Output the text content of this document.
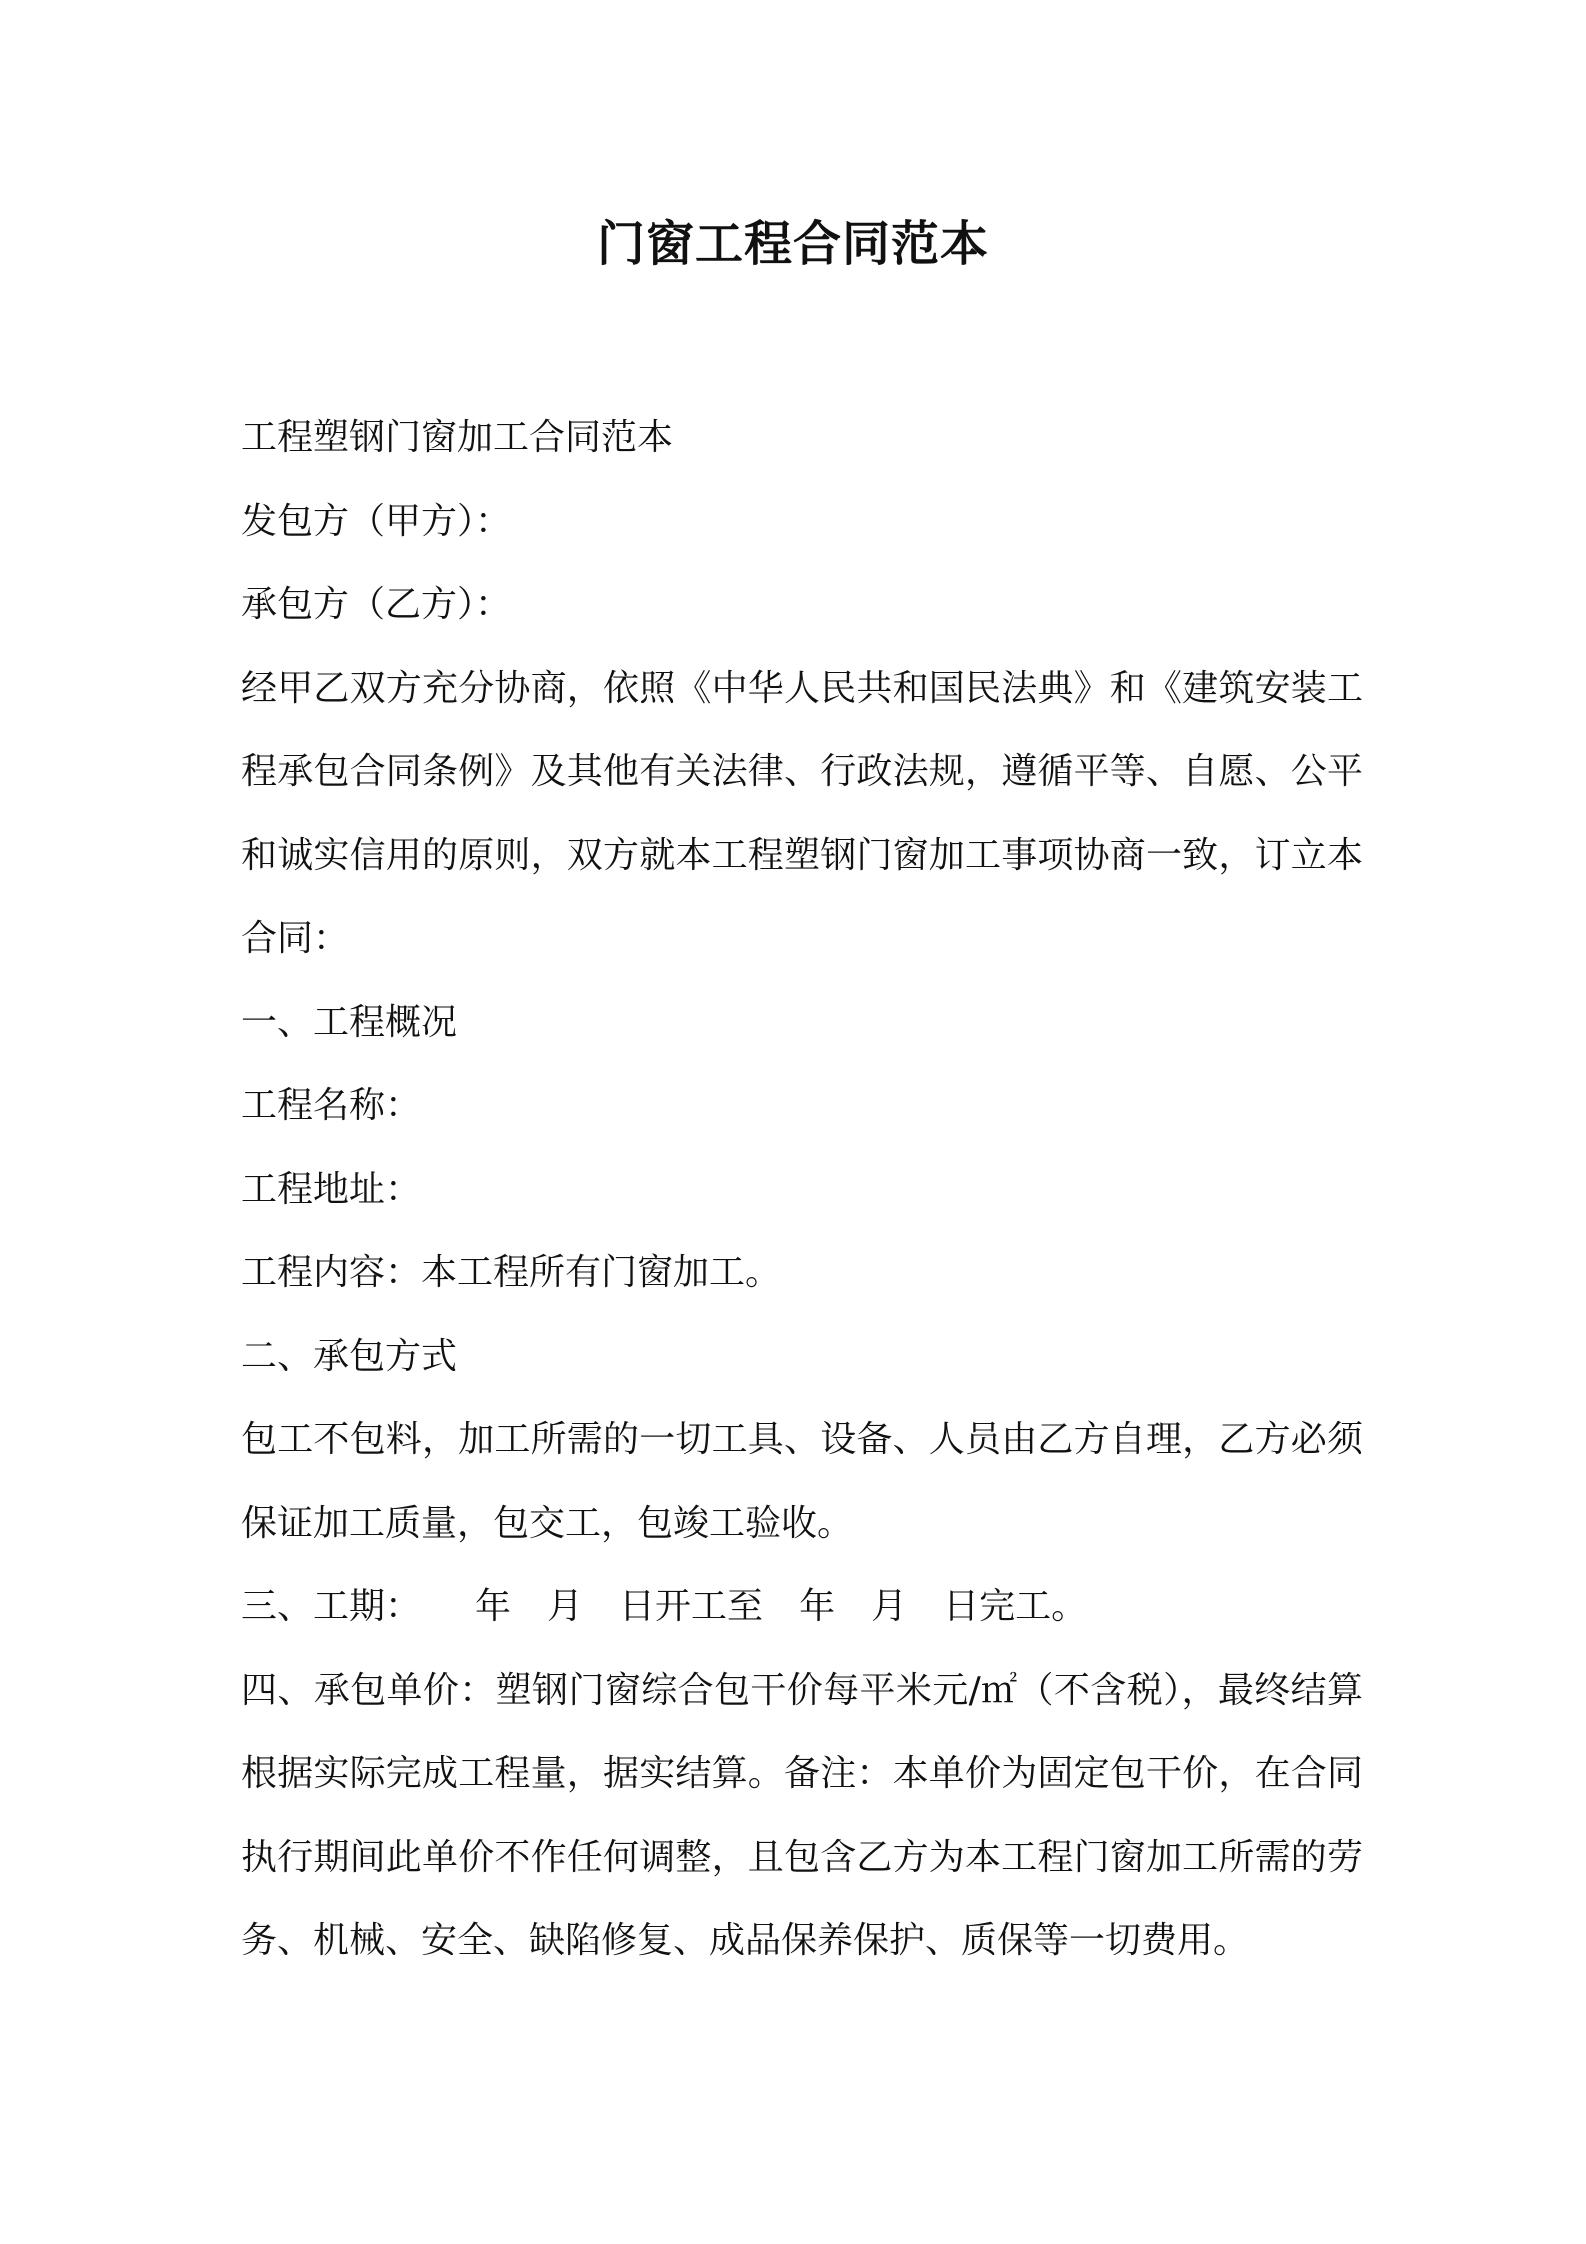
门窗工程合同范本

工程塑钢门窗加工合同范本

发包方（甲方）：

承包方（乙方）：

经甲乙双方充分协商，依照《中华人民共和国民法典》和《建筑安装工程承包合同条例》及其他有关法律、行政法规，遵循平等、自愿、公平和诚实信用的原则，双方就本工程塑钢门窗加工事项协商一致，订立本合同：

一、工程概况

工程名称：

工程地址：

工程内容：本工程所有门窗加工。

二、承包方式

包工不包料，加工所需的一切工具、设备、人员由乙方自理，乙方必须保证加工质量，包交工，包竣工验收。

三、工期： 年 月 日开工至 年 月 日完工。

四、承包单价：塑钢门窗综合包干价每平米元/㎡（不含税），最终结算根据实际完成工程量，据实结算。备注：本单价为固定包干价，在合同执行期间此单价不作任何调整，且包含乙方为本工程门窗加工所需的劳务、机械、安全、缺陷修复、成品保养保护、质保等一切费用。
